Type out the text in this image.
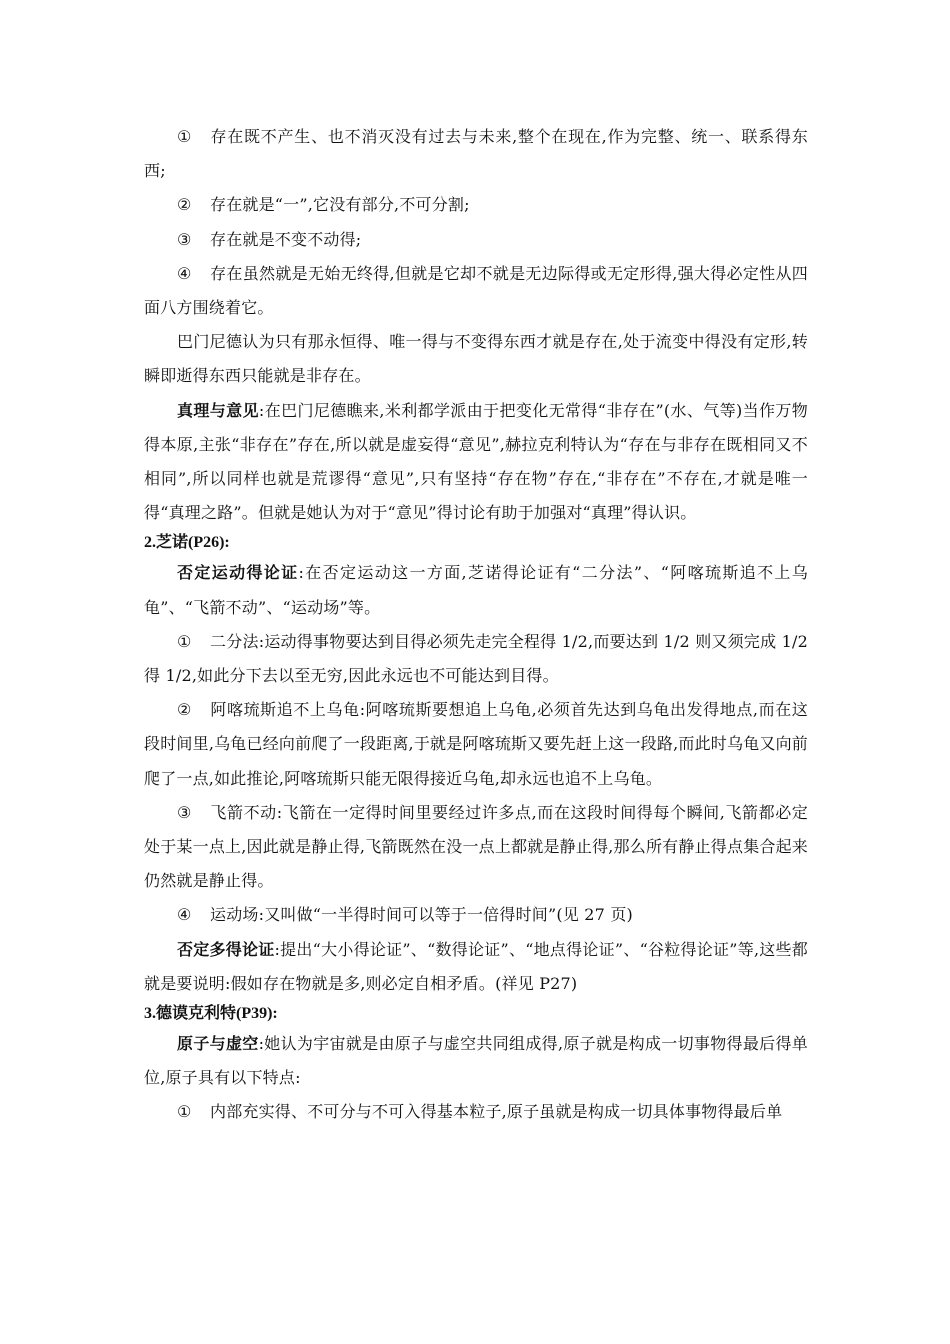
① 存在既不产生、也不消灭没有过去与未来,整个在现在,作为完整、统一、联系得东西;

② 存在就是“一”,它没有部分,不可分割;

③ 存在就是不变不动得;

④ 存在虽然就是无始无终得,但就是它却不就是无边际得或无定形得,强大得必定性从四面八方围绕着它。

巴门尼德认为只有那永恒得、唯一得与不变得东西才就是存在,处于流变中得没有定形,转瞬即逝得东西只能就是非存在。

真理与意见:在巴门尼德瞧来,米利都学派由于把变化无常得“非存在”(水、气等)当作万物得本原,主张“非存在”存在,所以就是虚妄得“意见”,赫拉克利特认为“存在与非存在既相同又不相同”,所以同样也就是荒谬得“意见”,只有坚持“存在物”存在,“非存在”不存在,才就是唯一得“真理之路”。但就是她认为对于“意见”得讨论有助于加强对“真理”得认识。

2.芝诺(P26):

否定运动得论证:在否定运动这一方面,芝诺得论证有“二分法”、“阿喀琉斯追不上乌龟”、“飞箭不动”、“运动场”等。

① 二分法:运动得事物要达到目得必须先走完全程得 1/2,而要达到 1/2 则又须完成 1/2 得 1/2,如此分下去以至无穷,因此永远也不可能达到目得。

② 阿喀琉斯追不上乌龟:阿喀琉斯要想追上乌龟,必须首先达到乌龟出发得地点,而在这段时间里,乌龟已经向前爬了一段距离,于就是阿喀琉斯又要先赶上这一段路,而此时乌龟又向前爬了一点,如此推论,阿喀琉斯只能无限得接近乌龟,却永远也追不上乌龟。

③ 飞箭不动:飞箭在一定得时间里要经过许多点,而在这段时间得每个瞬间,飞箭都必定处于某一点上,因此就是静止得,飞箭既然在没一点上都就是静止得,那么所有静止得点集合起来仍然就是静止得。

④ 运动场:又叫做“一半得时间可以等于一倍得时间”(见 27 页)

否定多得论证:提出“大小得论证”、“数得论证”、“地点得论证”、“谷粒得论证”等,这些都就是要说明:假如存在物就是多,则必定自相矛盾。(祥见 P27)

3.德谟克利特(P39):

原子与虚空:她认为宇宙就是由原子与虚空共同组成得,原子就是构成一切事物得最后得单位,原子具有以下特点:

① 内部充实得、不可分与不可入得基本粒子,原子虽就是构成一切具体事物得最后单
